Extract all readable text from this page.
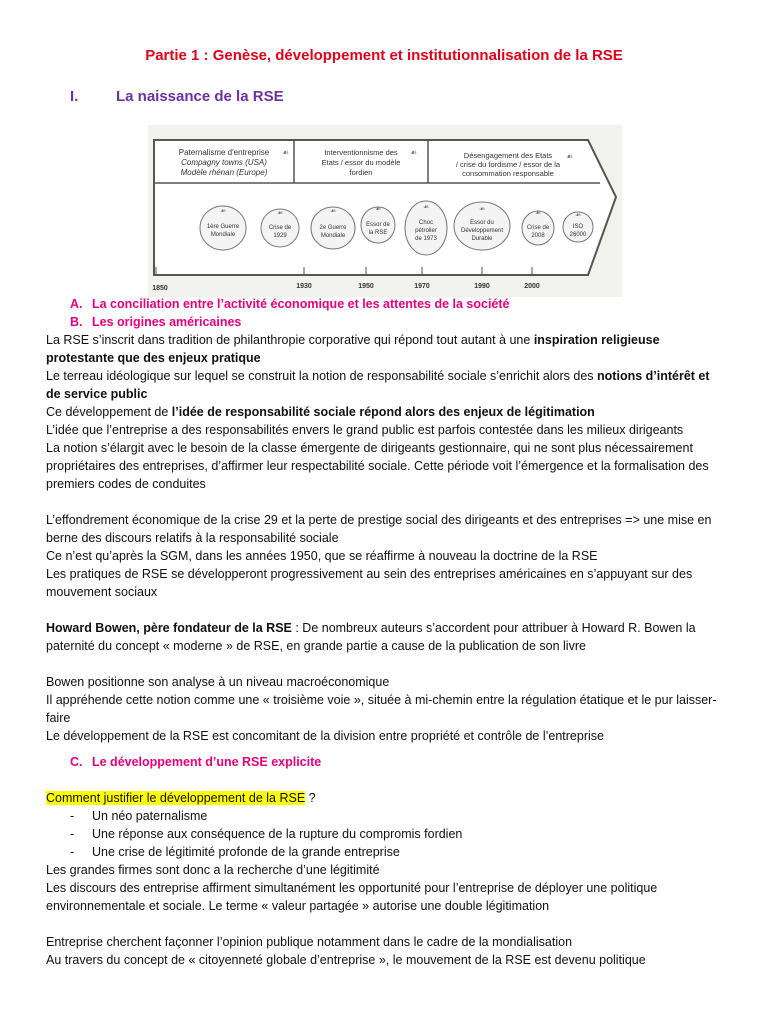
Partie 1 : Genèse, développement et institutionnalisation de la RSE
I.	La naissance de la RSE
Paternalisme d'entreprise
Compagny towns (USA)
Modèle rhénan (Europe)
Interventionnisme des
Etats / essor du modèle
fordien
Désengagement des Etats
/ crise du fordisme / essor de la
consommation responsable
☙	☙	☙
☙	☙	☙	☙	☙	☙
☙	☙
1ère Guerre
Mondiale
Crise de
1929
2e Guerre
Mondiale
Essor de
la RSE
Choc
pétrolier
de 1973
Essor du
Développement
Durable
Crise de
2008
ISO
26000
1850	1930	1950	1970	1990	2000
A. La conciliation entre l’activité économique et les attentes de la société
B. Les origines américaines

La RSE s’inscrit dans tradition de philanthropie corporative qui répond tout autant à une inspiration religieuse protestante que des enjeux pratique

Le terreau idéologique sur lequel se construit la notion de responsabilité sociale s’enrichit alors des notions d’intérêt et de service public

Ce développement de l’idée de responsabilité sociale répond alors des enjeux de légitimation

L’idée que l’entreprise a des responsabilités envers le grand public est parfois contestée dans les milieux dirigeants

La notion s’élargit avec le besoin de la classe émergente de dirigeants gestionnaire, qui ne sont plus nécessairement propriétaires des entreprises, d’affirmer leur respectabilité sociale. Cette période voit l’émergence et la formalisation des premiers codes de conduites

L’effondrement économique de la crise 29 et la perte de prestige social des dirigeants et des entreprises => une mise en berne des discours relatifs à la responsabilité sociale

Ce n’est qu’après la SGM, dans les années 1950, que se réaffirme à nouveau la doctrine de la RSE

Les pratiques de RSE se développeront progressivement au sein des entreprises américaines en s’appuyant sur des mouvement sociaux

Howard Bowen, père fondateur de la RSE : De nombreux auteurs s’accordent pour attribuer à Howard R. Bowen la paternité du concept « moderne » de RSE, en grande partie a cause de la publication de son livre

Bowen positionne son analyse à un niveau macroéconomique

Il appréhende cette notion comme une « troisième voie », située à mi-chemin entre la régulation étatique et le pur laisser-faire

Le développement de la RSE est concomitant de la division entre propriété et contrôle de l’entreprise

C. Le développement d’une RSE explicite

Comment justifier le développement de la RSE ?

- Un néo paternalisme
- Une réponse aux conséquence de la rupture du compromis fordien
- Une crise de légitimité profonde de la grande entreprise

Les grandes firmes sont donc a la recherche d’une légitimité

Les discours des entreprise affirment simultanément les opportunité pour l’entreprise de déployer une politique environnementale et sociale. Le terme « valeur partagée » autorise une double légitimation

Entreprise cherchent façonner l’opinion publique notamment dans le cadre de la mondialisation

Au travers du concept de « citoyenneté globale d’entreprise », le mouvement de la RSE est devenu politique
